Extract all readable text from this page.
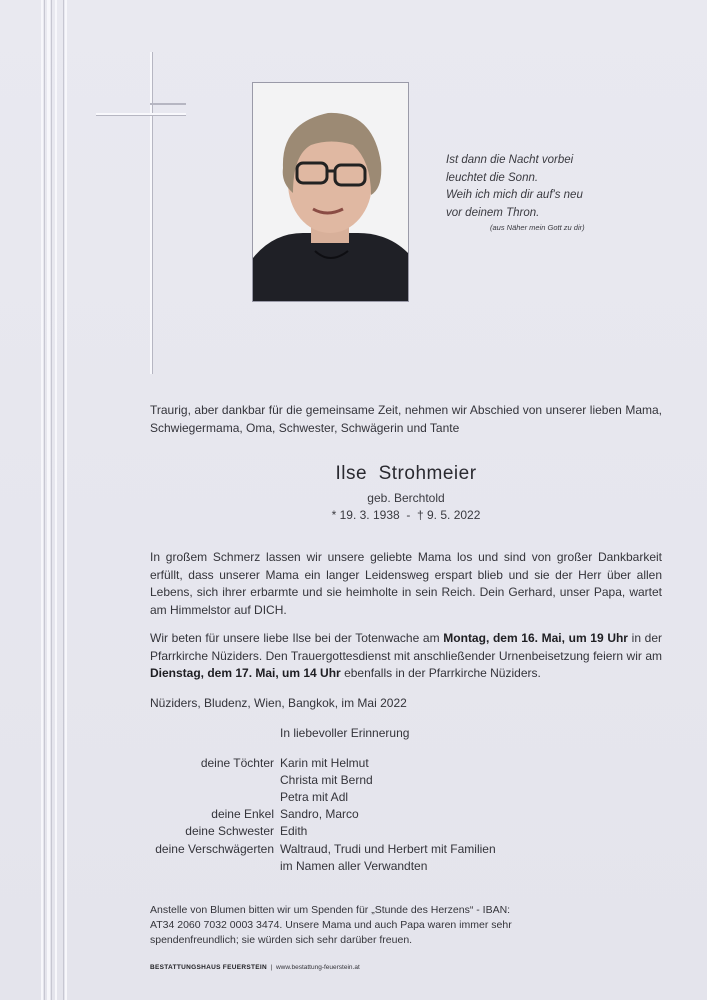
Ist dann die Nacht vorbei
leuchtet die Sonn.
Weih ich mich dir auf's neu
vor deinem Thron.
(aus Näher mein Gott zu dir)
Traurig, aber dankbar für die gemeinsame Zeit, nehmen wir Abschied von unserer lieben Mama, Schwiegermama, Oma, Schwester, Schwägerin und Tante
Ilse  Strohmeier
geb. Berchtold
* 19. 3. 1938  -  † 9. 5. 2022
In großem Schmerz lassen wir unsere geliebte Mama los und sind von großer Dankbarkeit erfüllt, dass unserer Mama ein langer Leidensweg erspart blieb und sie der Herr über allen Lebens, sich ihrer erbarmte und sie heimholte in sein Reich. Dein Gerhard, unser Papa, wartet am Himmelstor auf DICH.
Wir beten für unsere liebe Ilse bei der Totenwache am Montag, dem 16. Mai, um 19 Uhr in der Pfarrkirche Nüziders. Den Trauergottesdienst mit anschließender Urnenbeisetzung feiern wir am Dienstag, dem 17. Mai, um 14 Uhr ebenfalls in der Pfarrkirche Nüziders.
Nüziders, Bludenz, Wien, Bangkok, im Mai 2022
In liebevoller Erinnerung
deine Töchter Karin mit Helmut
Christa mit Bernd
Petra mit Adl
deine Enkel Sandro, Marco
deine Schwester Edith
deine Verschwägerten Waltraud, Trudi und Herbert mit Familien
im Namen aller Verwandten
Anstelle von Blumen bitten wir um Spenden für „Stunde des Herzens“ - IBAN: AT34 2060 7032 0003 3474. Unsere Mama und auch Papa waren immer sehr spendenfreundlich; sie würden sich sehr darüber freuen.
BESTATTUNGSHAUS FEUERSTEIN | www.bestattung-feuerstein.at
